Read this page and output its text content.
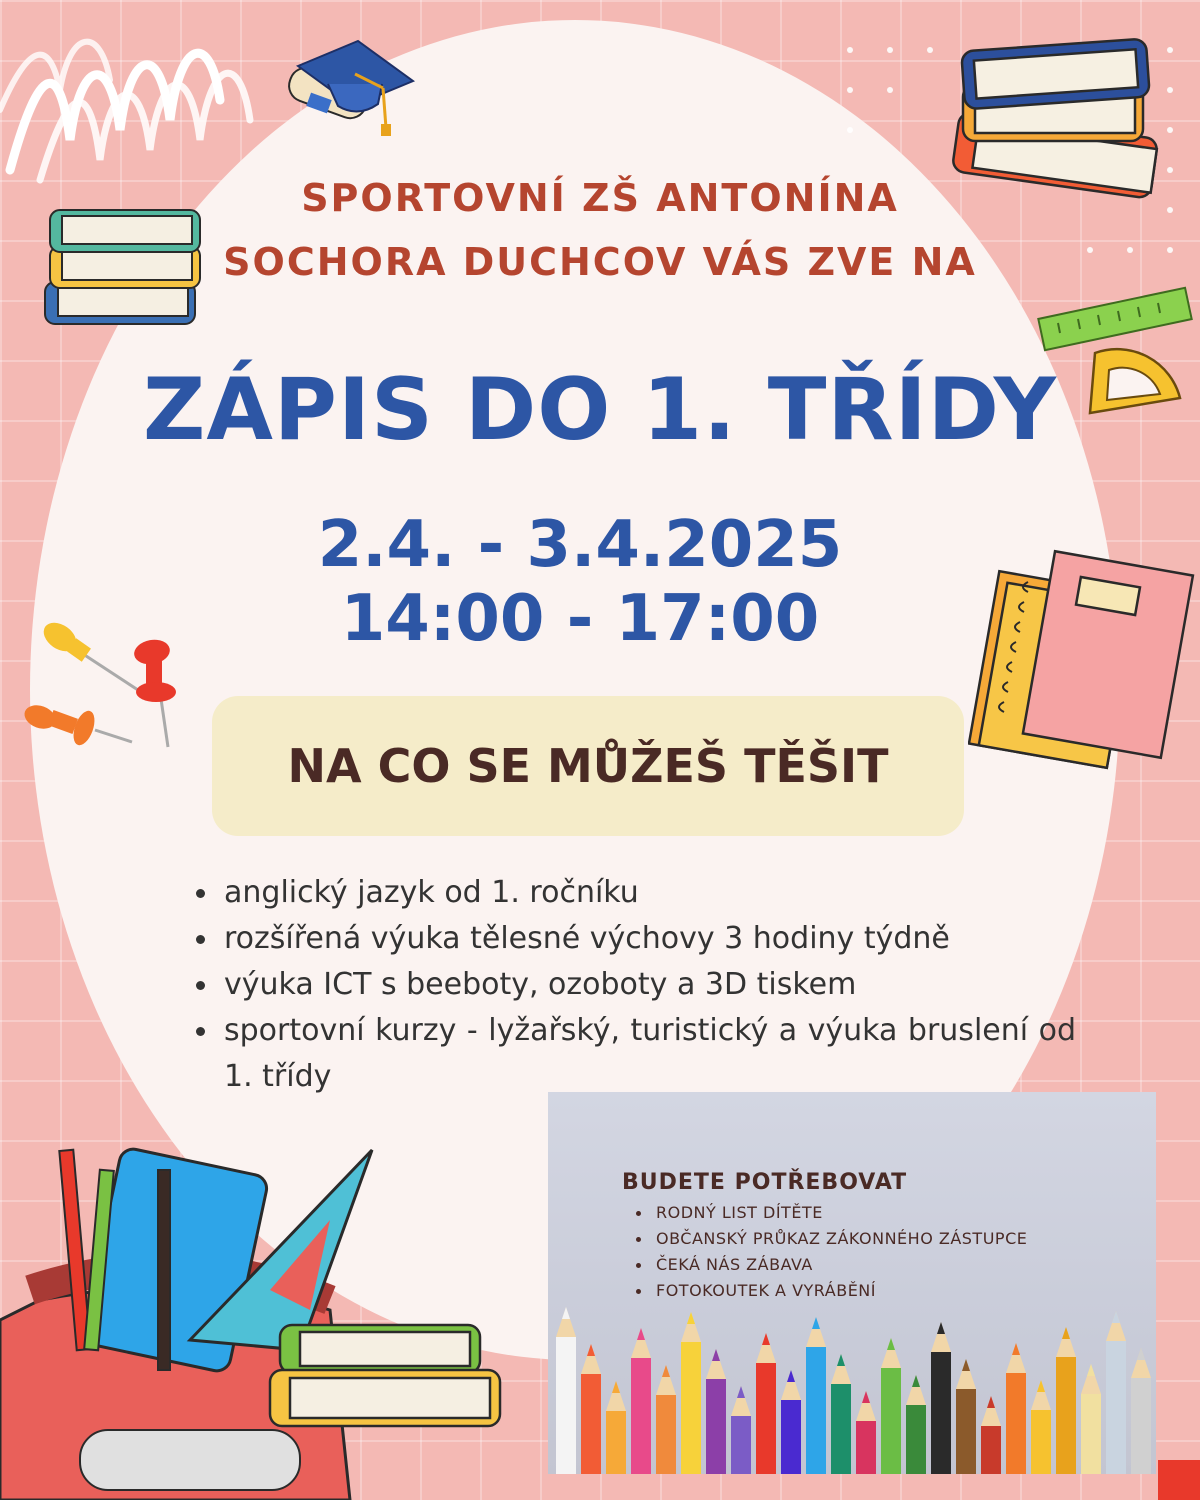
SPORTOVNÍ ZŠ ANTONÍNA
SOCHORA DUCHCOV VÁS ZVE NA
ZÁPIS DO 1. TŘÍDY
2.4. - 3.4.2025
14:00 - 17:00
NA CO SE MŮŽEŠ TĚŠIT
anglický jazyk od 1. ročníku
rozšířená výuka tělesné výchovy 3 hodiny týdně
výuka ICT s beeboty, ozoboty a 3D tiskem
sportovní kurzy - lyžařský, turistický a výuka bruslení od 1. třídy
BUDETE POTŘEBOVAT
RODNÝ LIST DÍTĚTE
OBČANSKÝ PRŮKAZ ZÁKONNÉHO ZÁSTUPCE
ČEKÁ NÁS ZÁBAVA
FOTOKOUTEK A VYRÁBĚNÍ
